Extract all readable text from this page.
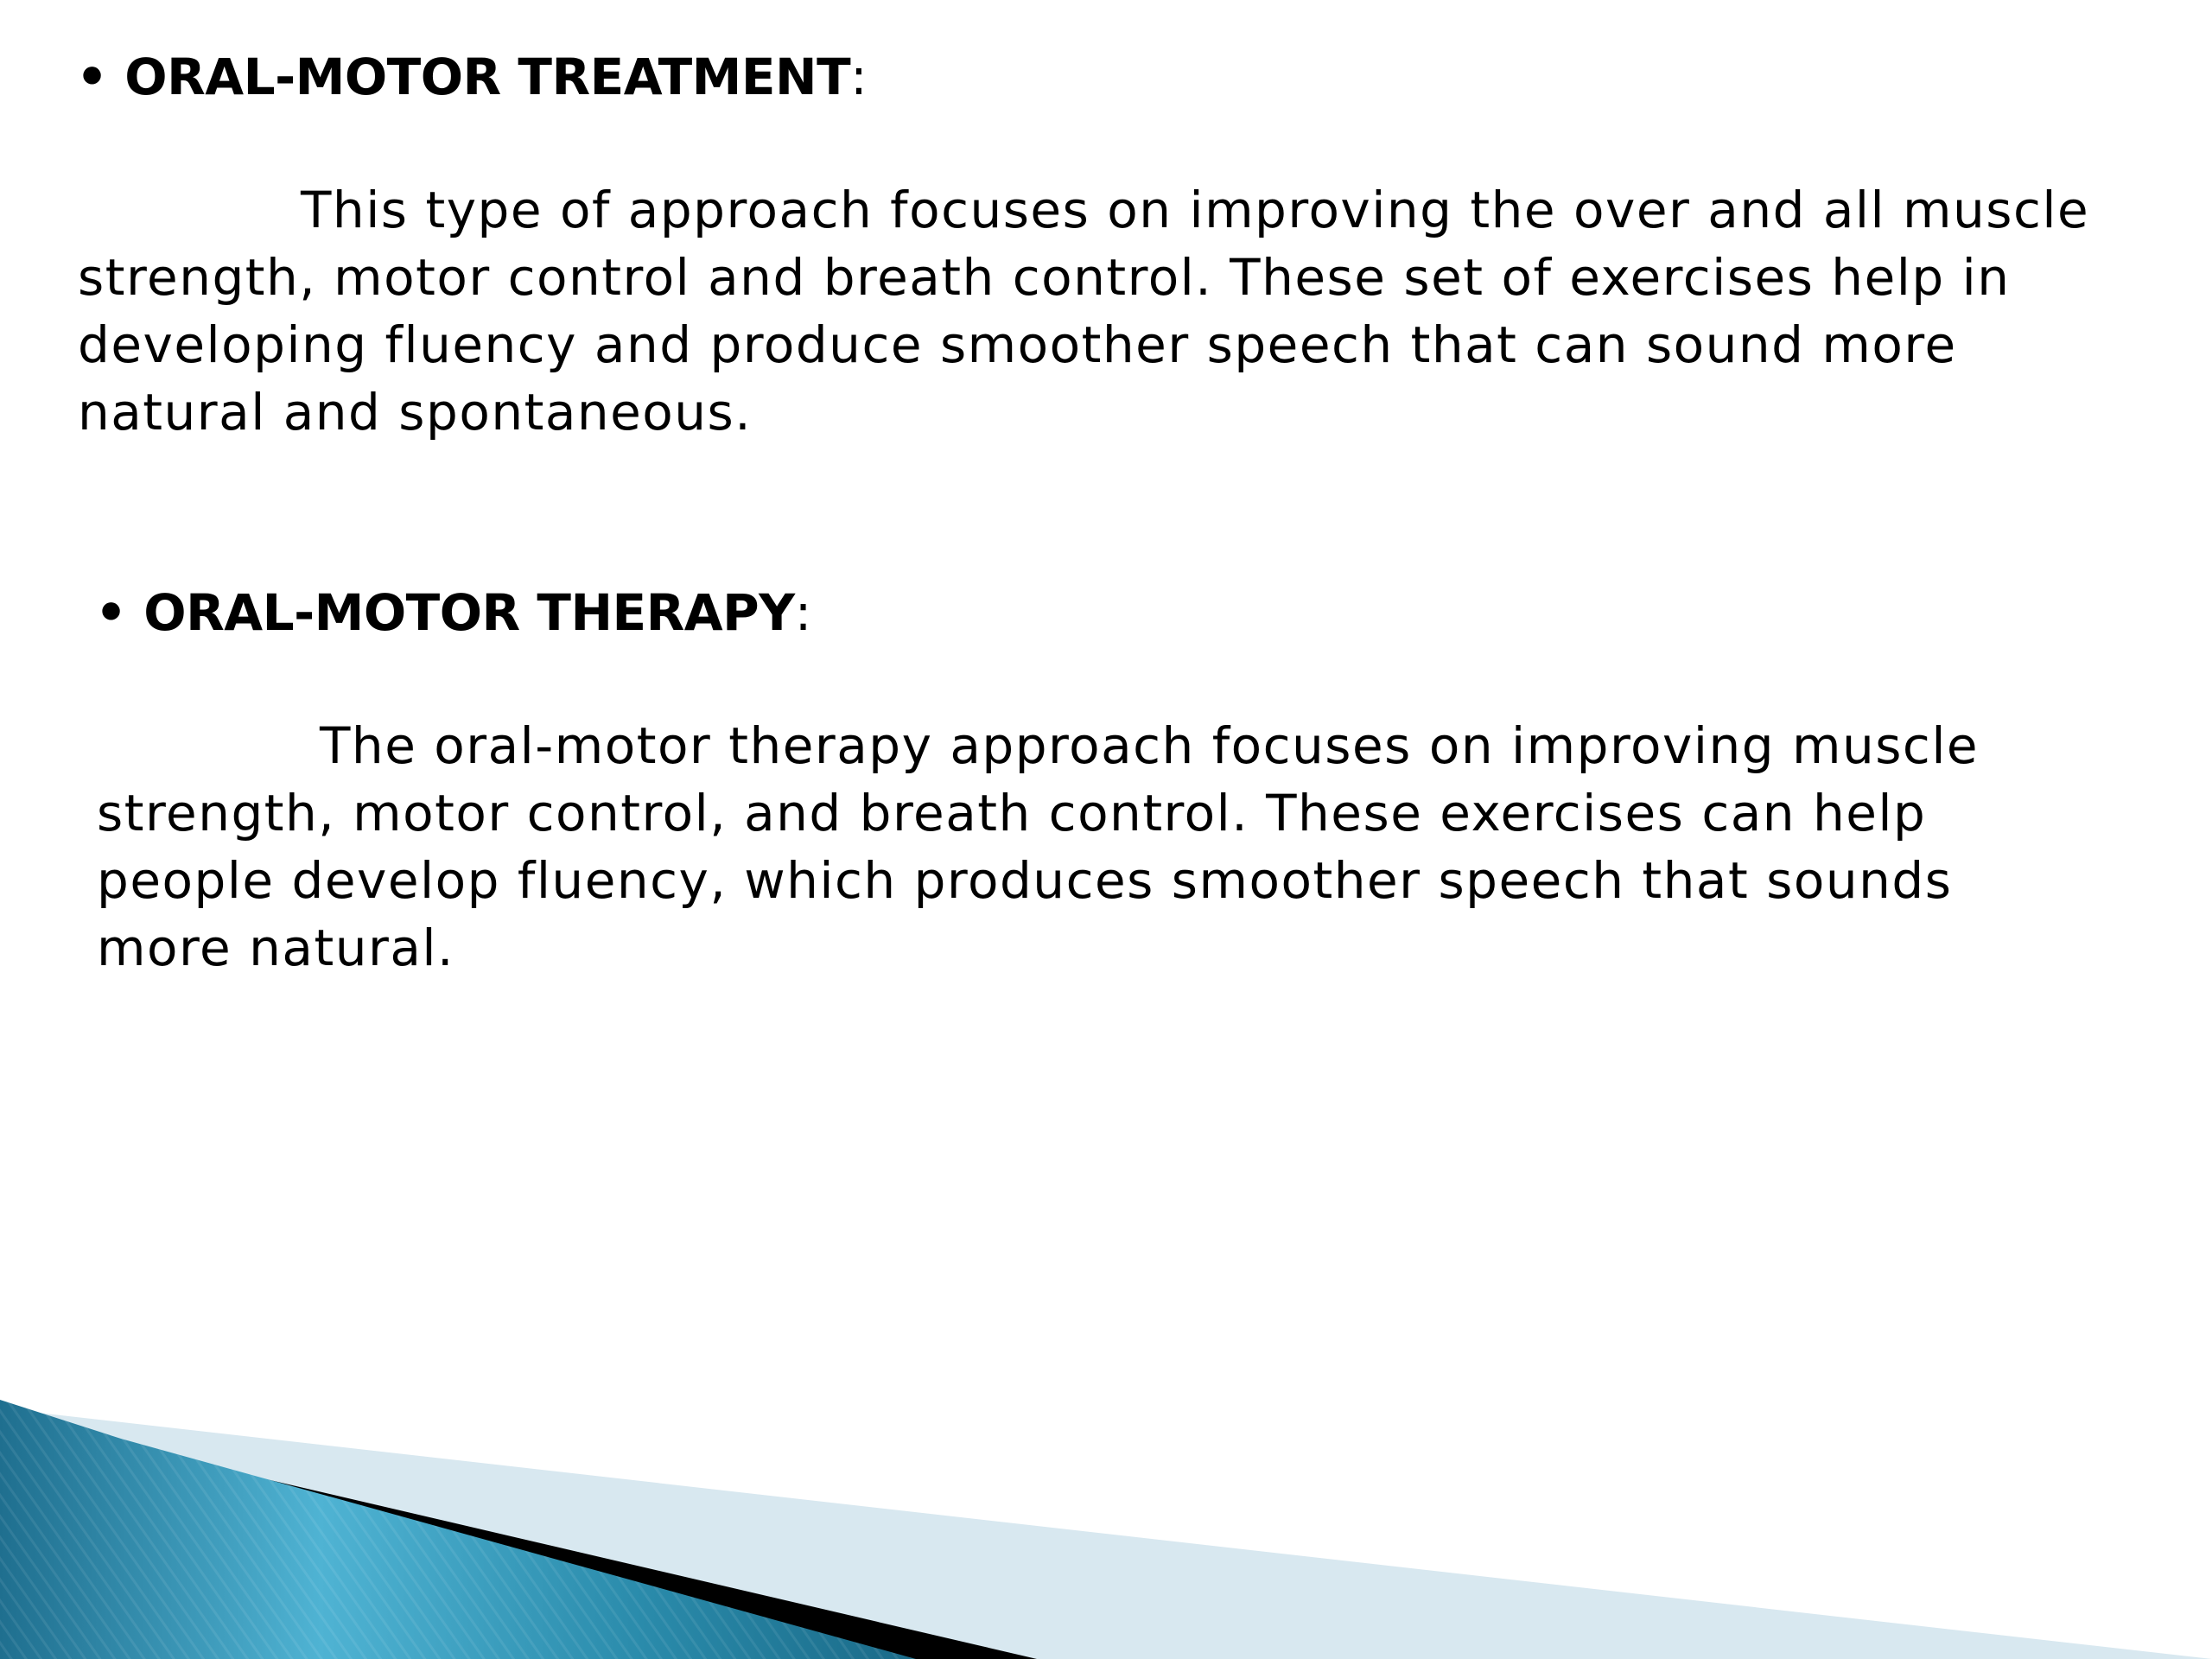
• ORAL-MOTOR TREATMENT:
This type of approach focuses on improving the over and all muscle
strength, motor control and breath control. These set of exercises help in
developing fluency and produce smoother speech that can sound more
natural and spontaneous.
• ORAL-MOTOR THERAPY:
The oral-motor therapy approach focuses on improving muscle
strength, motor control, and breath control. These exercises can help
people develop fluency, which produces smoother speech that sounds
more natural.
